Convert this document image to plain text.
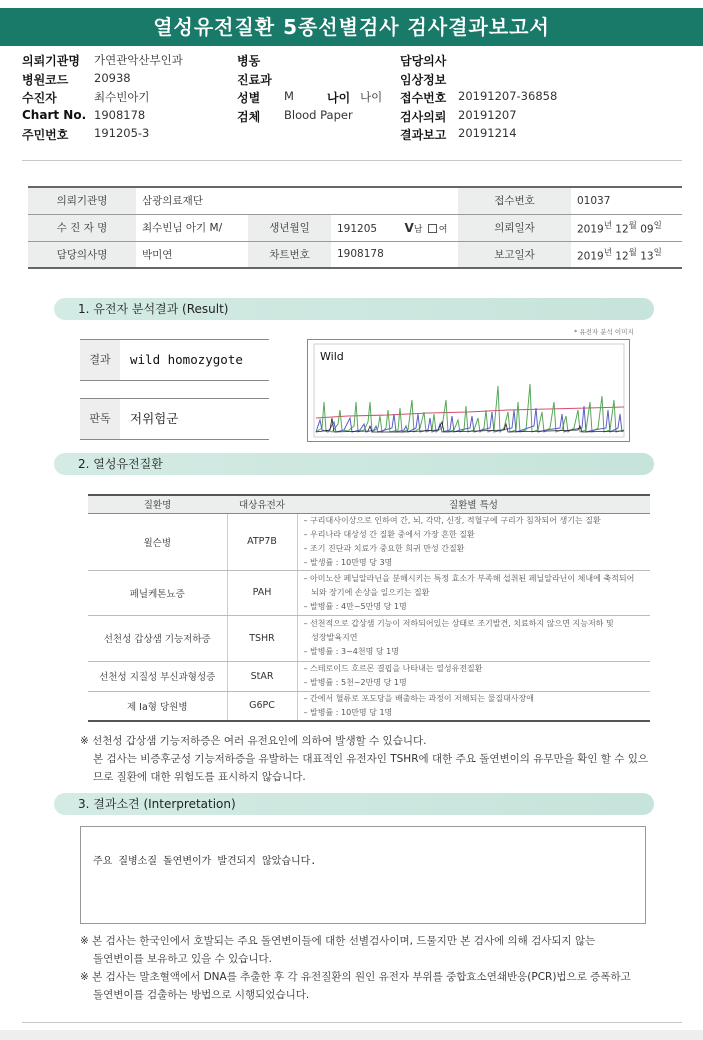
열성유전질환 5종선별검사 검사결과보고서
의뢰기관명 가연관악산부인과	병동	담당의사
병원코드 20938	진료과	임상정보
수진자	최수빈아기	성별 M	나이 나이 접수번호 20191207-36858
Chart No. 1908178	검체 Blood Paper	검사의뢰 20191207
주민번호 191205-3	결과보고 20191214
의뢰기관명	삼광의료재단			접수번호	01037
수 진 자 명	최수빈님 아기 M/	생년월일	191205 V남 여	의뢰일자	$2019^년$ $12^월$ $09^일$
담당의사명	박미연	차트번호	1908178	보고일자	$2019^년$ $12^월$ $13^일$
1. 유전자 분석결과 (Result)
* 유전자 분석 이미지
결과	wild homozygote
판독	저위험군
Wild
2. 열성유전질환
질환명	대상유전자	질환별 특성
윌슨병	ATP7B	– 구리대사이상으로 인하여 간, 뇌, 각막, 신장, 적혈구에 구리가 침착되어 생기는 질환
– 우리나라 대상성 간 질환 중에서 가장 흔한 질환
– 조기 진단과 치료가 중요한 희귀 만성 간질환
– 발생률 : 10만명 당 3명

페닐케톤뇨증	PAH	– 아미노산 페닐알라닌을 분해시키는 특정 효소가 부족해 섭취된 페닐알라닌이 체내에 축적되어
뇌와 장기에 손상을 일으키는 질환
– 발병률 : 4만~5만명 당 1명

선천성 갑상샘 기능저하증	TSHR	– 선천적으로 갑상샘 기능이 저하되어있는 상태로 조기발견, 치료하지 않으면 지능저하 및
성장발육지연
– 발병률 : 3~4천명 당 1명

선천성 지질성 부신과형성증	StAR	– 스테로이드 호르몬 결핍을 나타내는 열성유전질환
– 발병률 : 5천~2만명 당 1명

제 Ia형 당원병	G6PC	– 간에서 혈류로 포도당을 배출하는 과정이 저해되는 물질대사장애
– 발병률 : 10만명 당 1명
※ 선천성 갑상샘 기능저하증은 여러 유전요인에 의하여 발생할 수 있습니다.
본 검사는 비증후군성 기능저하증을 유발하는 대표적인 유전자인 TSHR에 대한 주요 돌연변이의 유무만을 확인 할 수 있으
므로 질환에 대한 위험도를 표시하지 않습니다.
3. 결과소견 (Interpretation)
주요 질병소질 돌연변이가 발견되지 않았습니다.
※ 본 검사는 한국인에서 호발되는 주요 돌연변이들에 대한 선별검사이며, 드물지만 본 검사에 의해 검사되지 않는
돌연변이를 보유하고 있을 수 있습니다.
※ 본 검사는 말초혈액에서 DNA를 추출한 후 각 유전질환의 원인 유전자 부위를 중합효소연쇄반응(PCR)법으로 증폭하고
돌연변이를 검출하는 방법으로 시행되었습니다.
